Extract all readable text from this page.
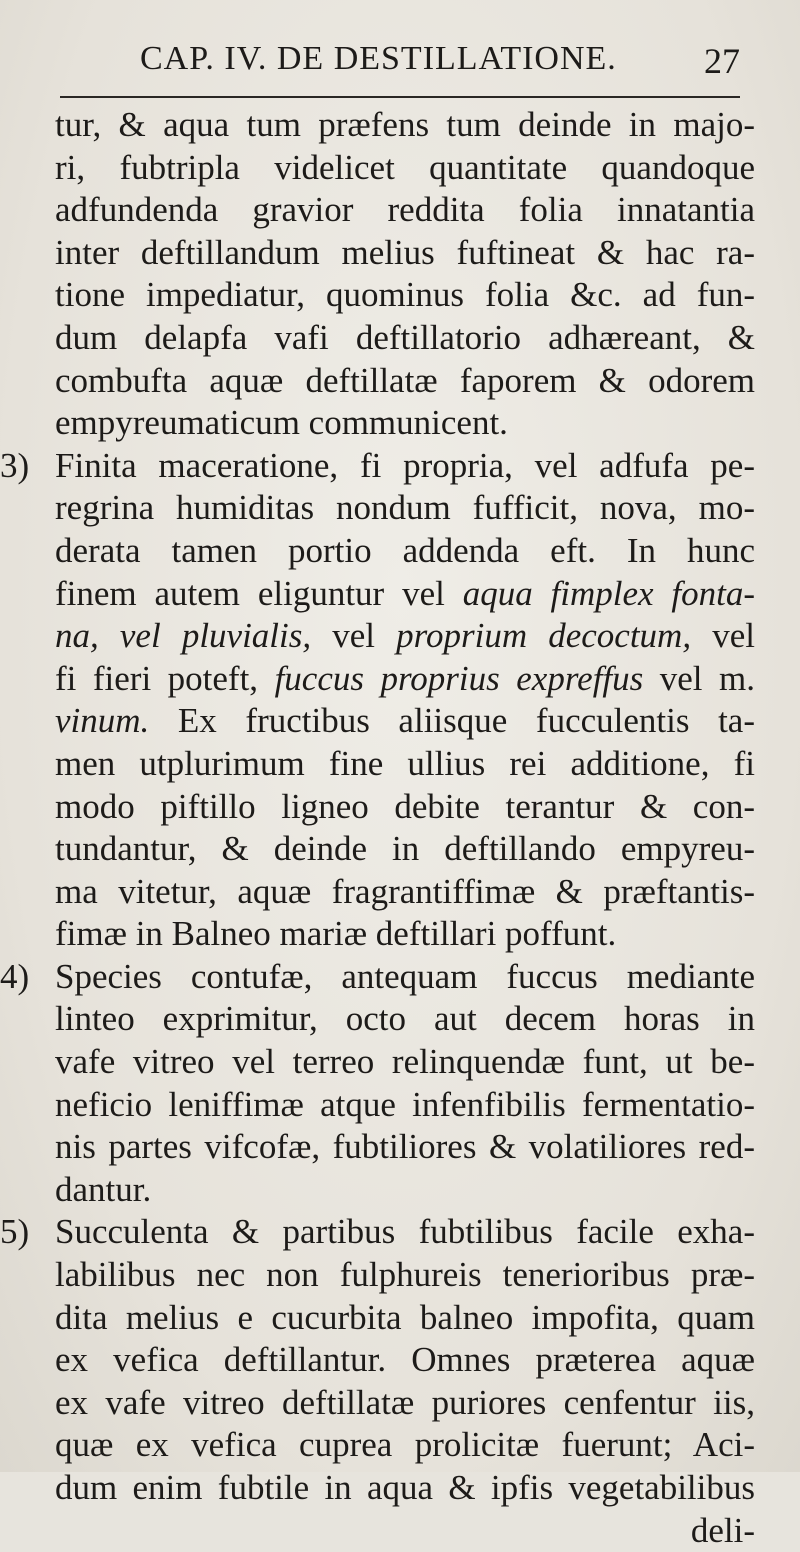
CAP. IV. DE DESTILLATIONE. 27
tur, & aqua tum præfens tum deinde in majo-
ri, fubtripla videlicet quantitate quandoque
adfundenda gravior reddita folia innatantia
inter deftillandum melius fuftineat & hac ra-
tione impediatur, quominus folia &c. ad fun-
dum delapfa vafi deftillatorio adhæreant, &
combufta aquæ deftillatæ faporem & odorem
empyreumaticum communicent.
3) Finita maceratione, fi propria, vel adfufa pe-
regrina humiditas nondum fufficit, nova, mo-
derata tamen portio addenda eft. In hunc
finem autem eliguntur vel aqua fimplex fonta-
na, vel pluvialis, vel proprium decoctum, vel
fi fieri poteft, fuccus proprius expreffus vel m.
vinum. Ex fructibus aliisque fucculentis ta-
men utplurimum fine ullius rei additione, fi
modo piftillo ligneo debite terantur & con-
tundantur, & deinde in deftillando empyreu-
ma vitetur, aquæ fragrantiffimæ & præftantis-
fimæ in Balneo mariæ deftillari poffunt.
4) Species contufæ, antequam fuccus mediante
linteo exprimitur, octo aut decem horas in
vafe vitreo vel terreo relinquendæ funt, ut be-
neficio leniffimæ atque infenfibilis fermentatio-
nis partes vifcofæ, fubtiliores & volatiliores red-
dantur.
5) Succulenta & partibus fubtilibus facile exha-
labilibus nec non fulphureis tenerioribus præ-
dita melius e cucurbita balneo impofita, quam
ex vefica deftillantur. Omnes præterea aquæ
ex vafe vitreo deftillatæ puriores cenfentur iis,
quæ ex vefica cuprea prolicitæ fuerunt; Aci-
dum enim fubtile in aqua & ipfis vegetabilibus
deli-
